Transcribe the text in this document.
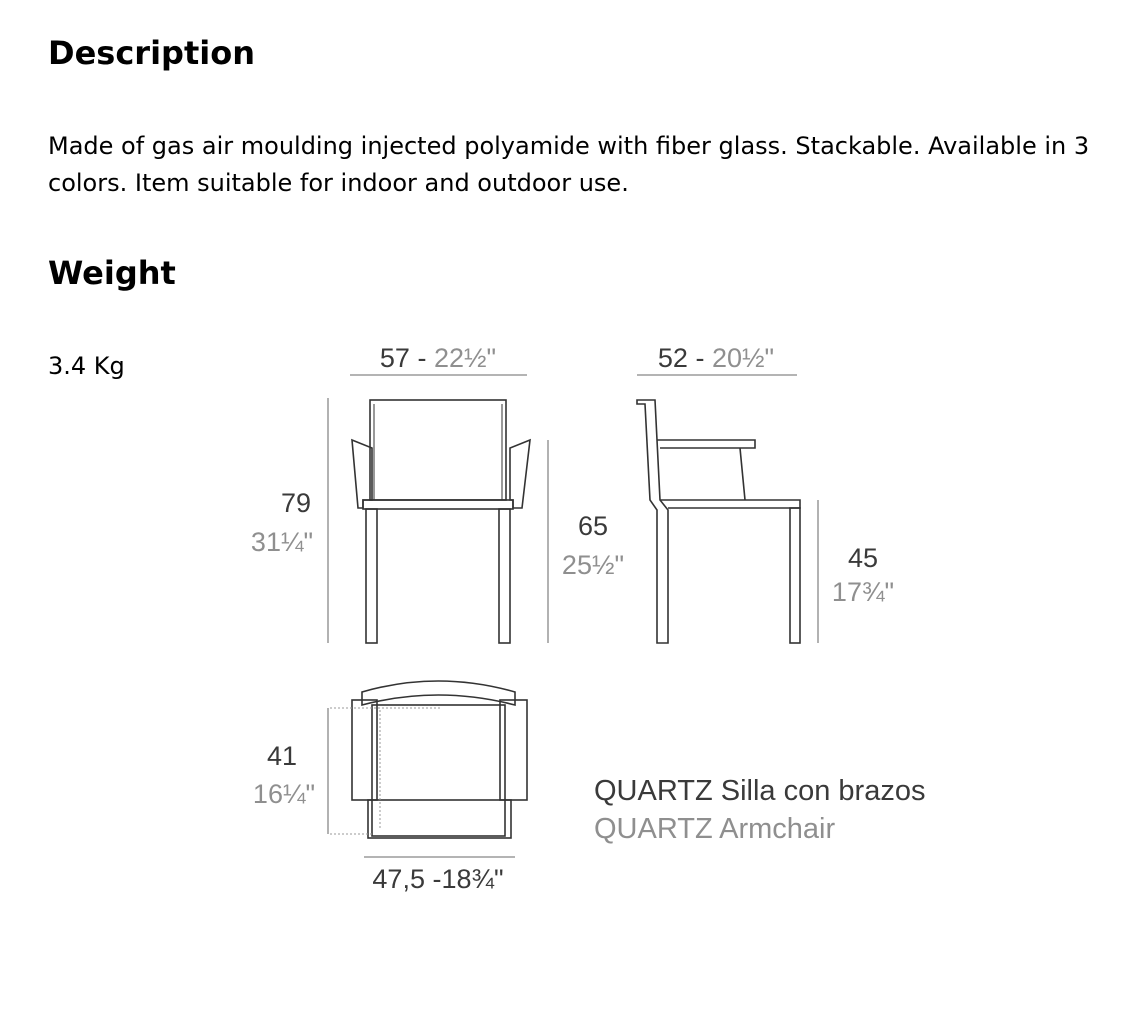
Description

Made of gas air moulding injected polyamide with fiber glass. Stackable. Available in 3 colors. Item suitable for indoor and outdoor use.

Weight

3.4 Kg	57 - 22½"	52 - 20½"
79
31¼"
65
25½"	45
17¾"
41
16¼"
47,5 -18¾"
QUARTZ Silla con brazos
QUARTZ Armchair
